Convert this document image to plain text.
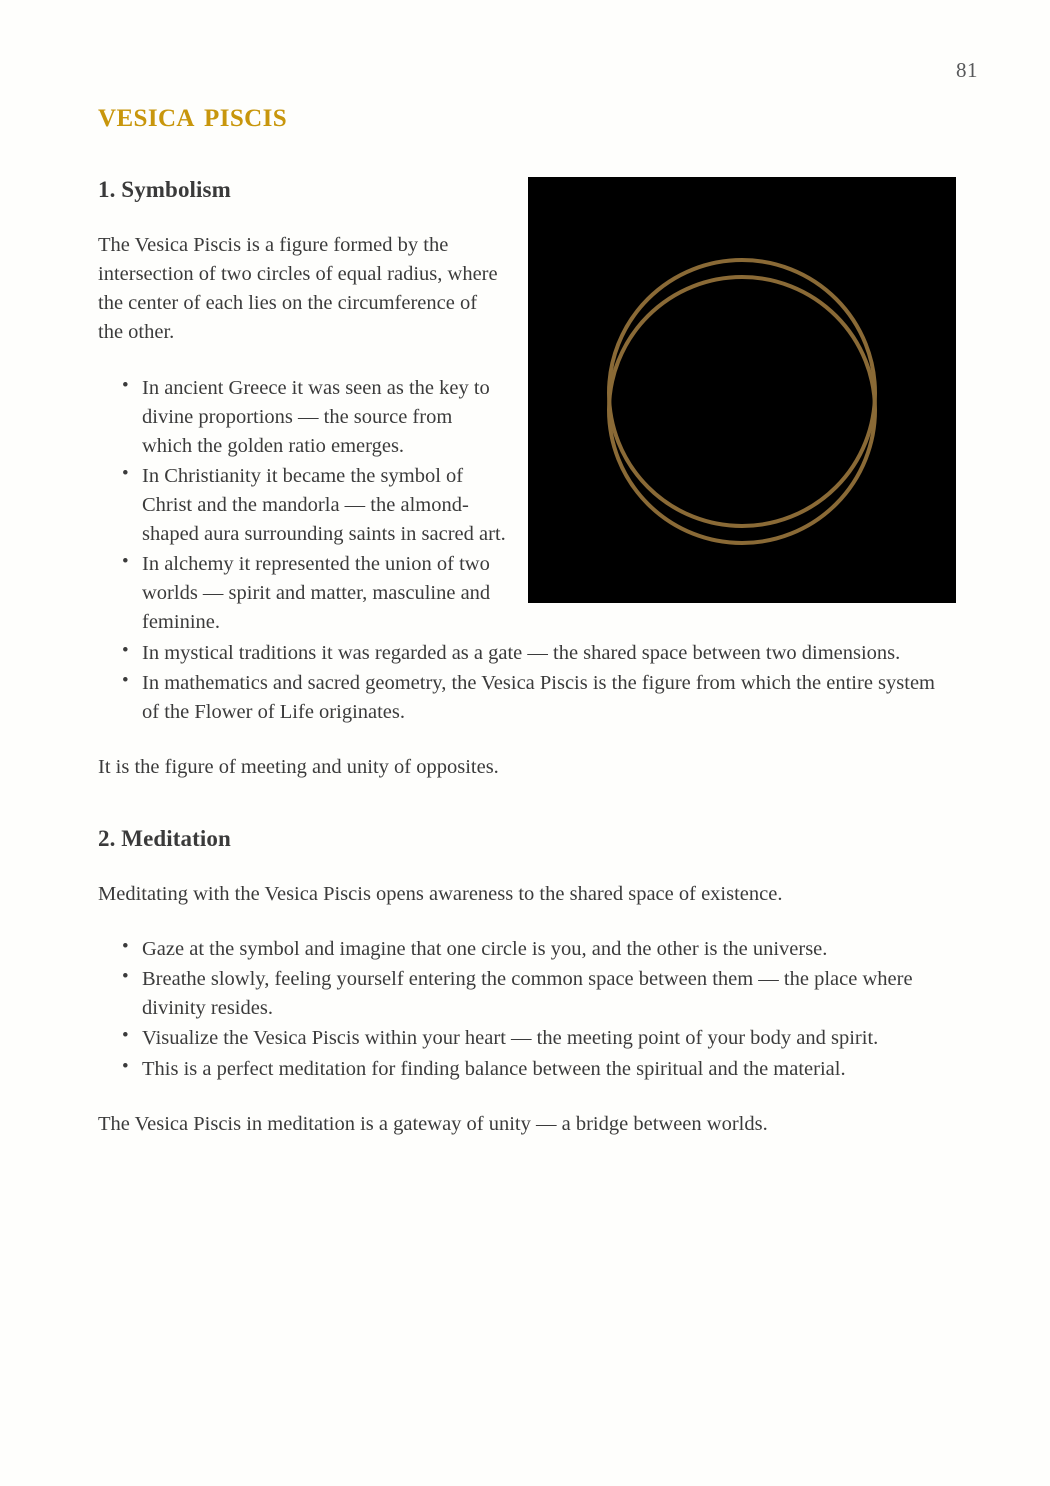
81
vesica piscis
1. Symbolism

The Vesica Piscis is a figure formed by the intersection of two circles of equal radius, where the center of each lies on the circumference of the other.

• In ancient Greece it was seen as the key to divine proportions — the source from which the golden ratio emerges.
• In Christianity it became the symbol of Christ and the mandorla — the almond-shaped aura surrounding saints in sacred art.
• In alchemy it represented the union of two worlds — spirit and matter, masculine and feminine.
• In mystical traditions it was regarded as a gate — the shared space between two dimensions.
• In mathematics and sacred geometry, the Vesica Piscis is the figure from which the entire system of the Flower of Life originates.

It is the figure of meeting and unity of opposites.

2. Meditation

Meditating with the Vesica Piscis opens awareness to the shared space of existence.

• Gaze at the symbol and imagine that one circle is you, and the other is the universe.
• Breathe slowly, feeling yourself entering the common space between them — the place where divinity resides.
• Visualize the Vesica Piscis within your heart — the meeting point of your body and spirit.
• This is a perfect meditation for finding balance between the spiritual and the material.

The Vesica Piscis in meditation is a gateway of unity — a bridge between worlds.
